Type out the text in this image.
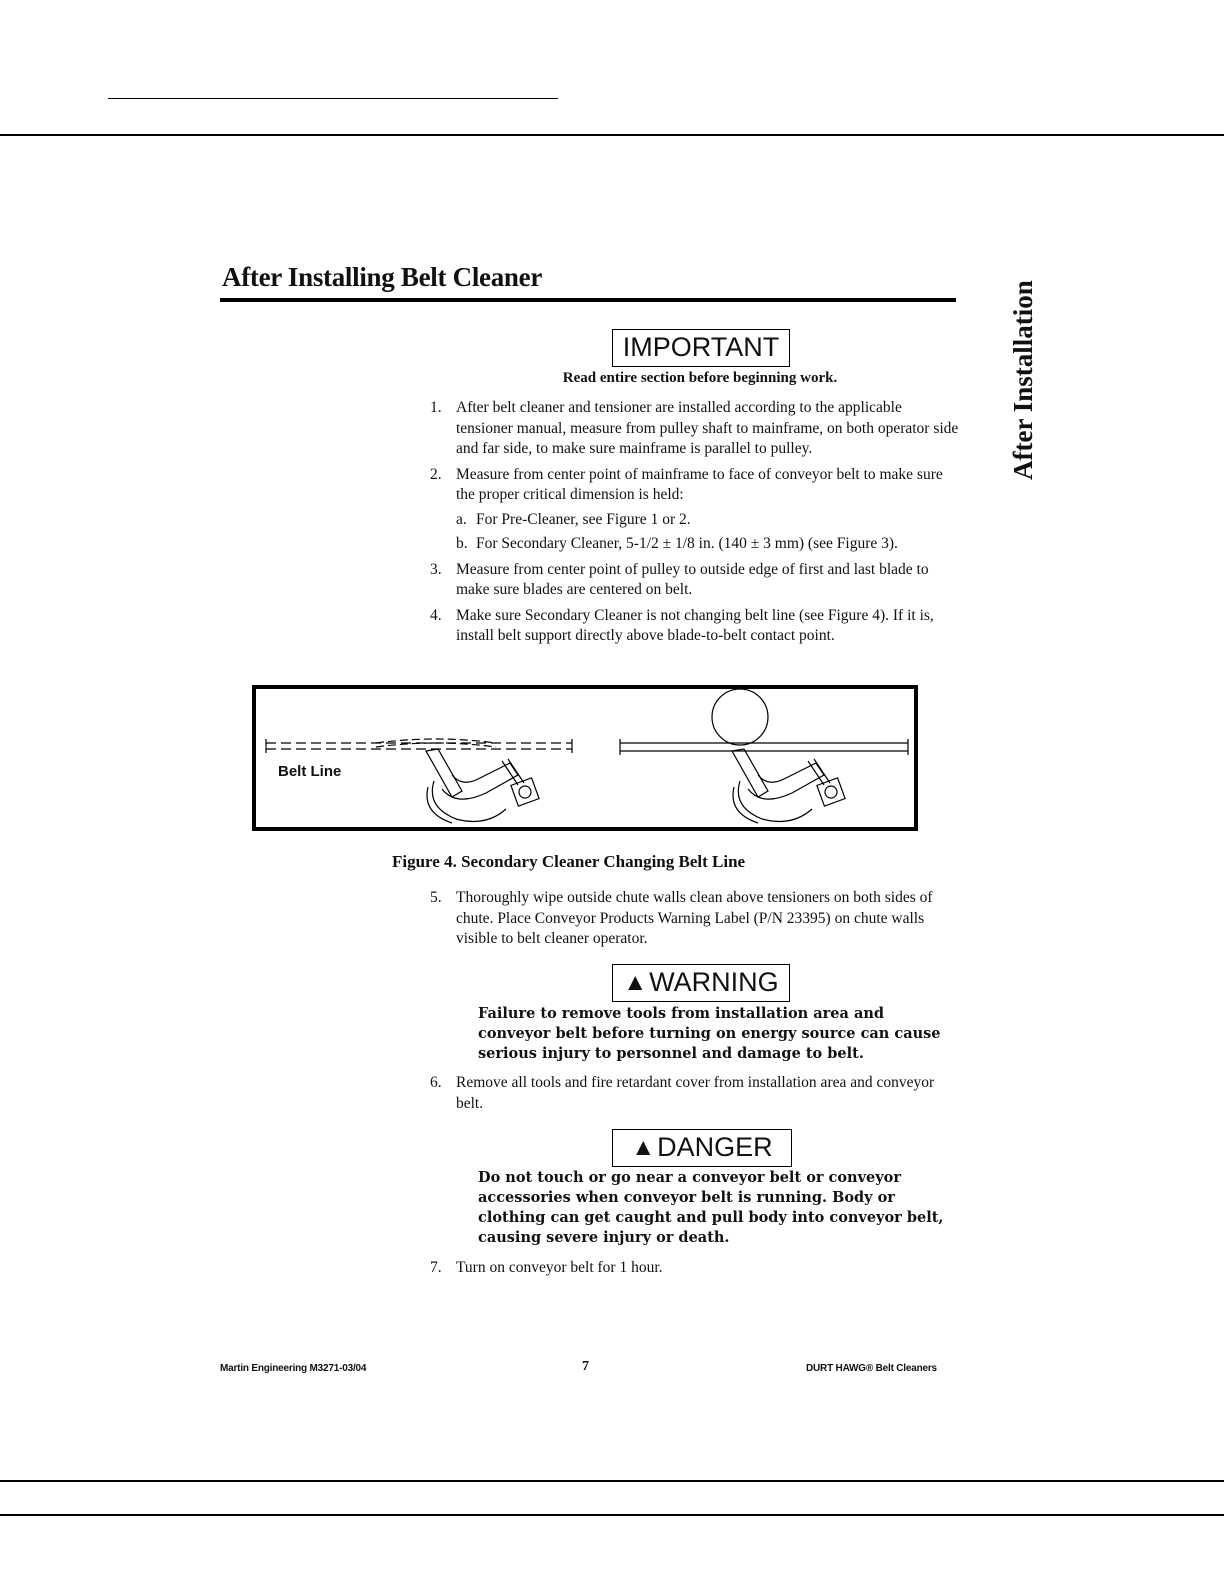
After Installing Belt Cleaner
After Installation
IMPORTANT
Read entire section before beginning work.
1. After belt cleaner and tensioner are installed according to the applicable tensioner manual, measure from pulley shaft to mainframe, on both operator side and far side, to make sure mainframe is parallel to pulley.
2. Measure from center point of mainframe to face of conveyor belt to make sure the proper critical dimension is held:
a. For Pre-Cleaner, see Figure 1 or 2.
b. For Secondary Cleaner, 5-1/2 ± 1/8 in. (140 ± 3 mm) (see Figure 3).
3. Measure from center point of pulley to outside edge of first and last blade to make sure blades are centered on belt.
4. Make sure Secondary Cleaner is not changing belt line (see Figure 4). If it is, install belt support directly above blade-to-belt contact point.
Belt Line
Figure 4. Secondary Cleaner Changing Belt Line
5. Thoroughly wipe outside chute walls clean above tensioners on both sides of chute. Place Conveyor Products Warning Label (P/N 23395) on chute walls visible to belt cleaner operator.
▲WARNING
Failure to remove tools from installation area and conveyor belt before turning on energy source can cause serious injury to personnel and damage to belt.
6. Remove all tools and fire retardant cover from installation area and conveyor belt.
▲DANGER
Do not touch or go near a conveyor belt or conveyor accessories when conveyor belt is running. Body or clothing can get caught and pull body into conveyor belt, causing severe injury or death.
7. Turn on conveyor belt for 1 hour.
Martin Engineering M3271-03/04	7	DURT HAWG® Belt Cleaners
